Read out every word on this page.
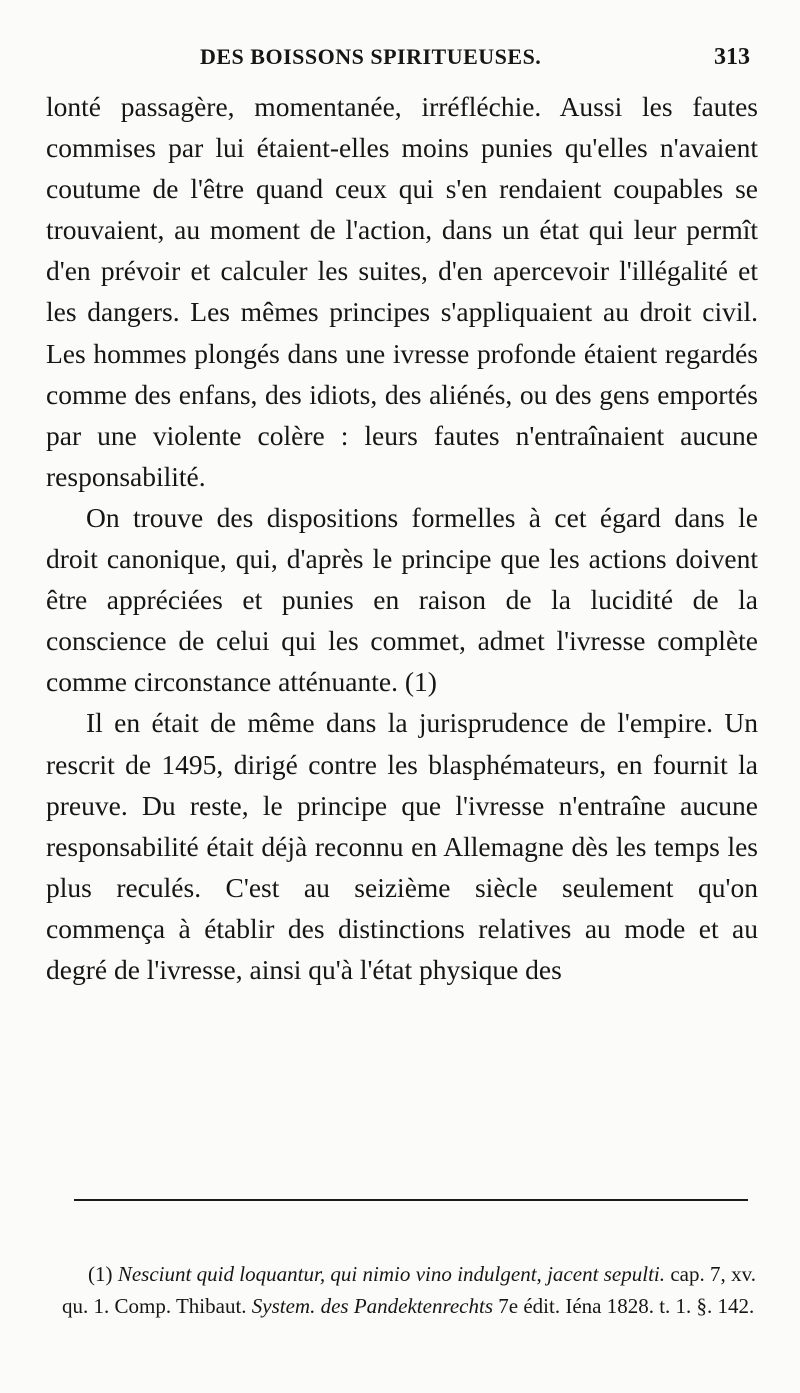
DES BOISSONS SPIRITUEUSES.	313

lonté passagère, momentanée, irréfléchie. Aussi les fautes commises par lui étaient-elles moins punies qu'elles n'avaient coutume de l'être quand ceux qui s'en rendaient coupables se trouvaient, au moment de l'action, dans un état qui leur permît d'en prévoir et calculer les suites, d'en apercevoir l'illégalité et les dangers. Les mêmes principes s'appliquaient au droit civil. Les hommes plongés dans une ivresse profonde étaient regardés comme des enfans, des idiots, des aliénés, ou des gens emportés par une violente colère : leurs fautes n'entraînaient aucune responsabilité.

On trouve des dispositions formelles à cet égard dans le droit canonique, qui, d'après le principe que les actions doivent être appréciées et punies en raison de la lucidité de la conscience de celui qui les commet, admet l'ivresse complète comme circonstance atténuante. (1)

Il en était de même dans la jurisprudence de l'empire. Un rescrit de 1495, dirigé contre les blasphémateurs, en fournit la preuve. Du reste, le principe que l'ivresse n'entraîne aucune responsabilité était déjà reconnu en Allemagne dès les temps les plus reculés. C'est au seizième siècle seulement qu'on commença à établir des distinctions relatives au mode et au degré de l'ivresse, ainsi qu'à l'état physique des

(1) Nesciunt quid loquantur, qui nimio vino indulgent, jacent sepulti. cap. 7, xv. qu. 1. Comp. Thibaut. System. des Pandektenrechts 7e édit. Iéna 1828. t. 1. §. 142.
